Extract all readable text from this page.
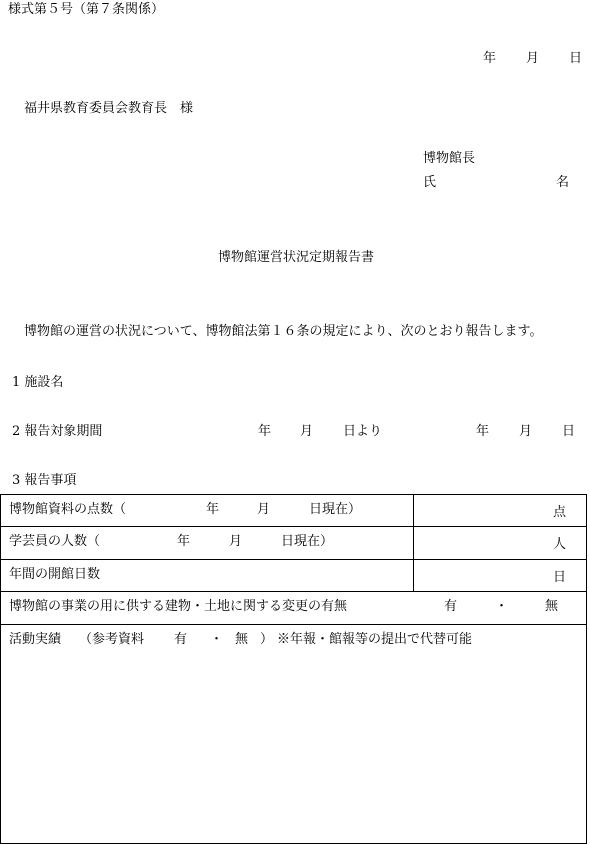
様式第５号（第７条関係）
年 月 日
福井県教育委員会教育長　様
博物館長
氏	名
博物館運営状況定期報告書
博物館の運営の状況について、博物館法第１６条の規定により、次のとおり報告します。
1 施設名
2 報告対象期間	年 月 日より	年 月 日
3 報告事項
博物館資料の点数（	年	月	日現在）	点
学芸員の人数（	年	月	日現在）	人
年間の開館日数	日
博物館の事業の用に供する建物・土地に関する変更の有無	有	・	無
活動実績 （参考資料 有 ・ 無 ） ※年報・館報等の提出で代替可能
